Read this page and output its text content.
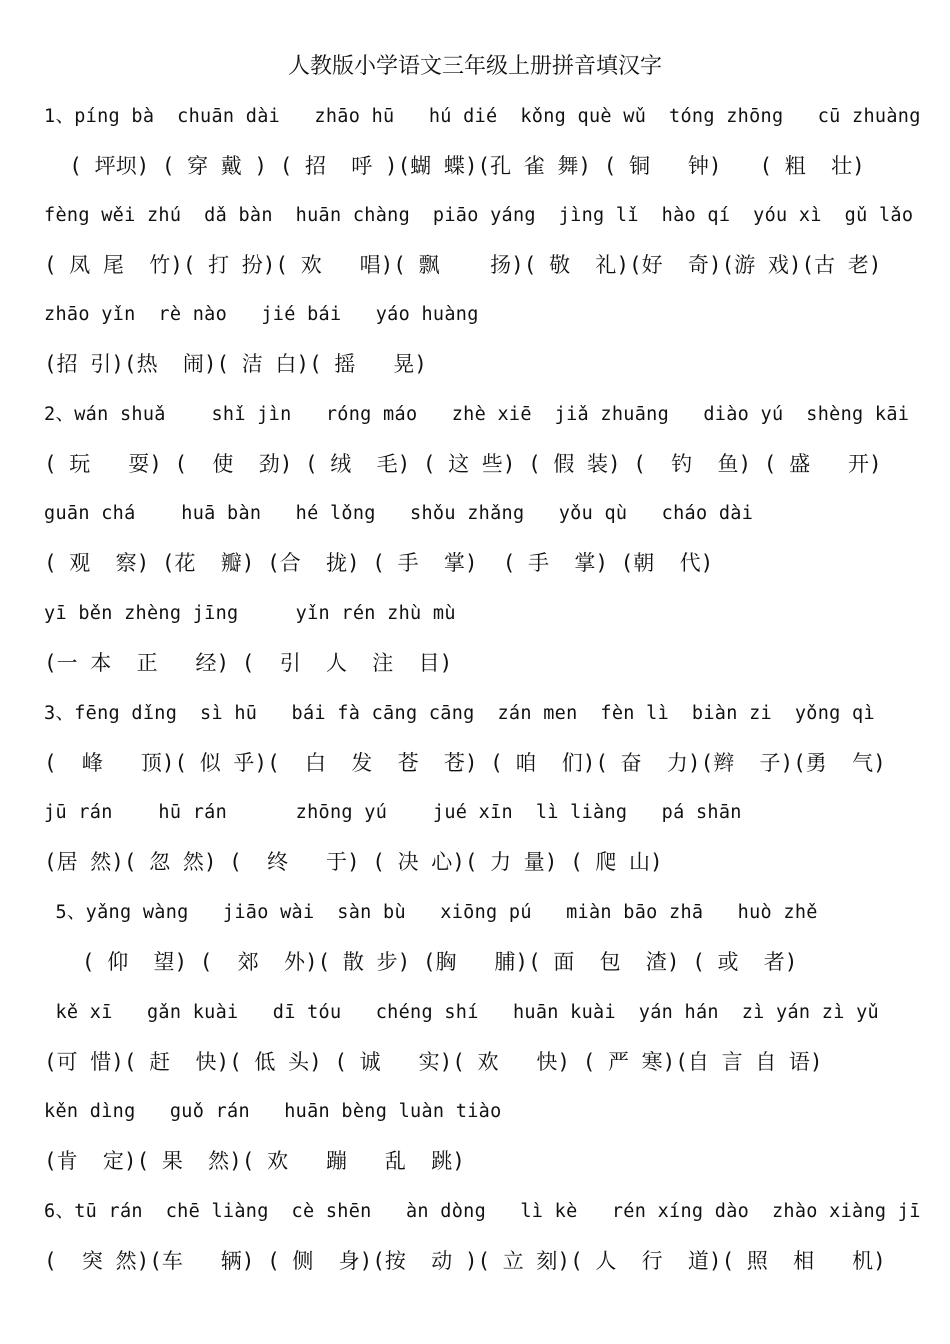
人教版小学语文三年级上册拼音填汉字
1、píng bà  chuān dài   zhāo hū   hú dié  kǒng què wǔ  tóng zhōng   cū zhuàng
( 坪坝) ( 穿 戴 ) ( 招  呼 )(蝴 蝶)(孔 雀 舞) ( 铜   钟)   ( 粗  壮)
fèng wěi zhú  dǎ bàn  huān chàng  piāo yáng  jìng lǐ  hào qí  yóu xì  gǔ lǎo
( 凤 尾  竹)( 打 扮)( 欢   唱)( 飘    扬)( 敬  礼)(好  奇)(游 戏)(古 老)
zhāo yǐn  rè nào   jié bái   yáo huàng
(招 引)(热  闹)( 洁 白)( 摇   晃)
2、wán shuǎ    shǐ jìn   róng máo   zhè xiē  jiǎ zhuāng   diào yú  shèng kāi
( 玩   耍) (  使  劲) ( 绒  毛) ( 这 些) ( 假 装) (  钓  鱼) ( 盛   开)
guān chá    huā bàn   hé lǒng   shǒu zhǎng   yǒu qù   cháo dài
( 观  察) (花  瓣) (合  拢) ( 手  掌)  ( 手  掌) (朝  代)
yī běn zhèng jīng     yǐn rén zhù mù
(一 本  正   经) (  引  人  注  目)
3、fēng dǐng  sì hū   bái fà cāng cāng  zán men  fèn lì  biàn zi  yǒng qì
(  峰   顶)( 似 乎)(  白  发  苍  苍) ( 咱  们)( 奋  力)(辫  子)(勇  气)
jū rán    hū rán      zhōng yú    jué xīn  lì liàng   pá shān
(居 然)( 忽 然) (  终   于) ( 决 心)( 力 量) ( 爬 山)
5、yǎng wàng   jiāo wài  sàn bù   xiōng pú   miàn bāo zhā   huò zhě
( 仰  望) (  郊  外)( 散 步) (胸   脯)( 面  包  渣) ( 或  者)
kě xī   gǎn kuài   dī tóu   chéng shí   huān kuài  yán hán  zì yán zì yǔ
(可 惜)( 赶  快)( 低 头) ( 诚   实)( 欢   快) ( 严 寒)(自 言 自 语)
kěn dìng   guǒ rán   huān bèng luàn tiào
(肯  定)( 果  然)( 欢   蹦   乱  跳)
6、tū rán  chē liàng  cè shēn   àn dòng   lì kè   rén xíng dào  zhào xiàng jī
(  突 然)(车   辆) ( 侧  身)(按  动 )( 立 刻)( 人  行  道)( 照  相   机)
